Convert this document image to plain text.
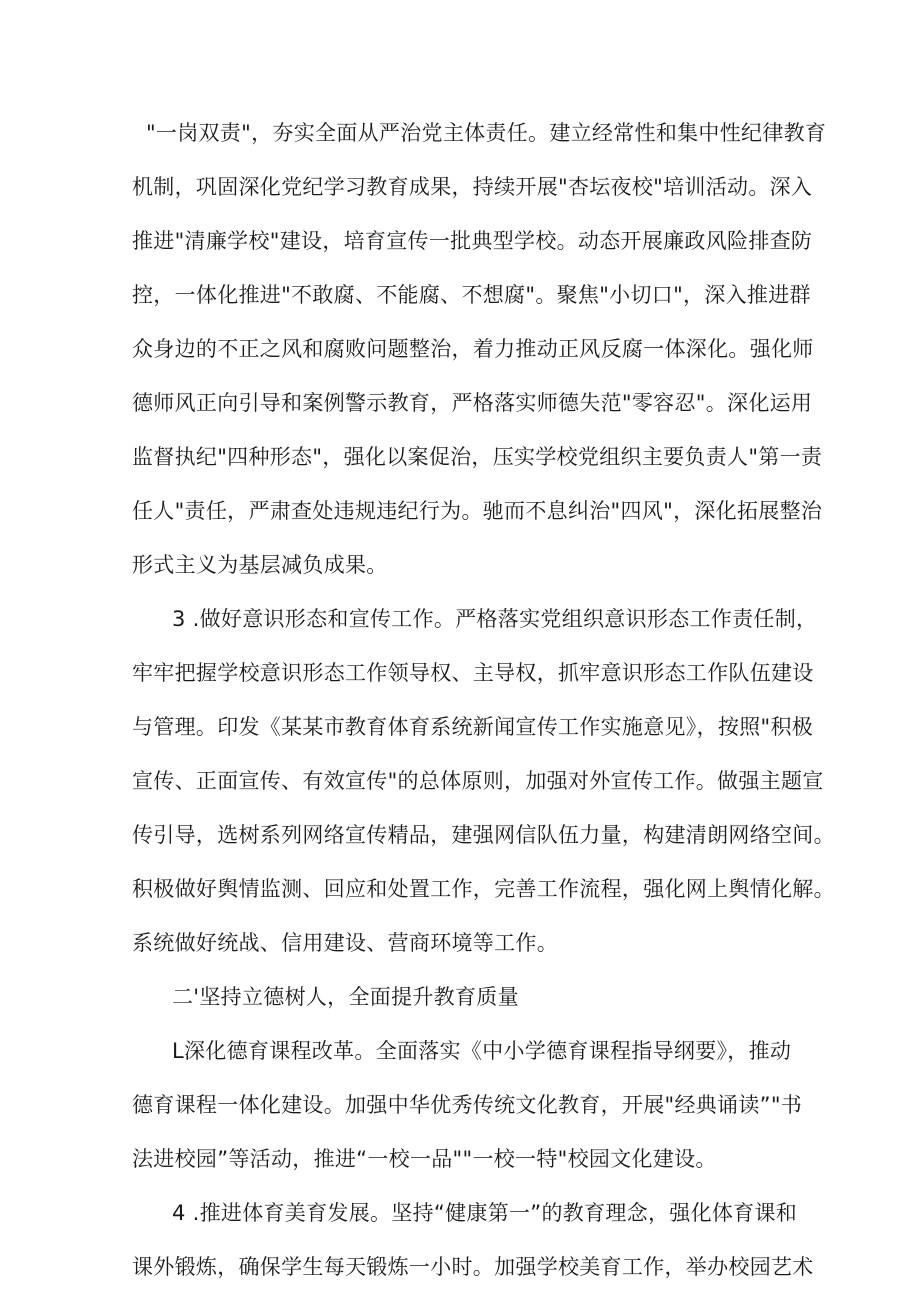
"一岗双责"，夯实全面从严治党主体责任。建立经常性和集中性纪律教育
机制，巩固深化党纪学习教育成果，持续开展"杏坛夜校"培训活动。深入
推进"清廉学校"建设，培育宣传一批典型学校。动态开展廉政风险排查防
控，一体化推进"不敢腐、不能腐、不想腐"。聚焦"小切口"，深入推进群
众身边的不正之风和腐败问题整治，着力推动正风反腐一体深化。强化师
德师风正向引导和案例警示教育，严格落实师德失范"零容忍"。深化运用
监督执纪"四种形态"，强化以案促治，压实学校党组织主要负责人"第一责
任人"责任，严肃查处违规违纪行为。驰而不息纠治"四风"，深化拓展整治
形式主义为基层减负成果。
3 .做好意识形态和宣传工作。严格落实党组织意识形态工作责任制，
牢牢把握学校意识形态工作领导权、主导权，抓牢意识形态工作队伍建设
与管理。印发《某某市教育体育系统新闻宣传工作实施意见》，按照"积极
宣传、正面宣传、有效宣传"的总体原则，加强对外宣传工作。做强主题宣
传引导，选树系列网络宣传精品，建强网信队伍力量，构建清朗网络空间。
积极做好舆情监测、回应和处置工作，完善工作流程，强化网上舆情化解。
系统做好统战、信用建设、营商环境等工作。
二'坚持立德树人，全面提升教育质量
L深化德育课程改革。全面落实《中小学德育课程指导纲要》，推动
德育课程一体化建设。加强中华优秀传统文化教育，开展"经典诵读”"书
法进校园”等活动，推进“一校一品""一校一特"校园文化建设。
4 .推进体育美育发展。坚持“健康第一”的教育理念，强化体育课和
课外锻炼，确保学生每天锻炼一小时。加强学校美育工作，举办校园艺术
